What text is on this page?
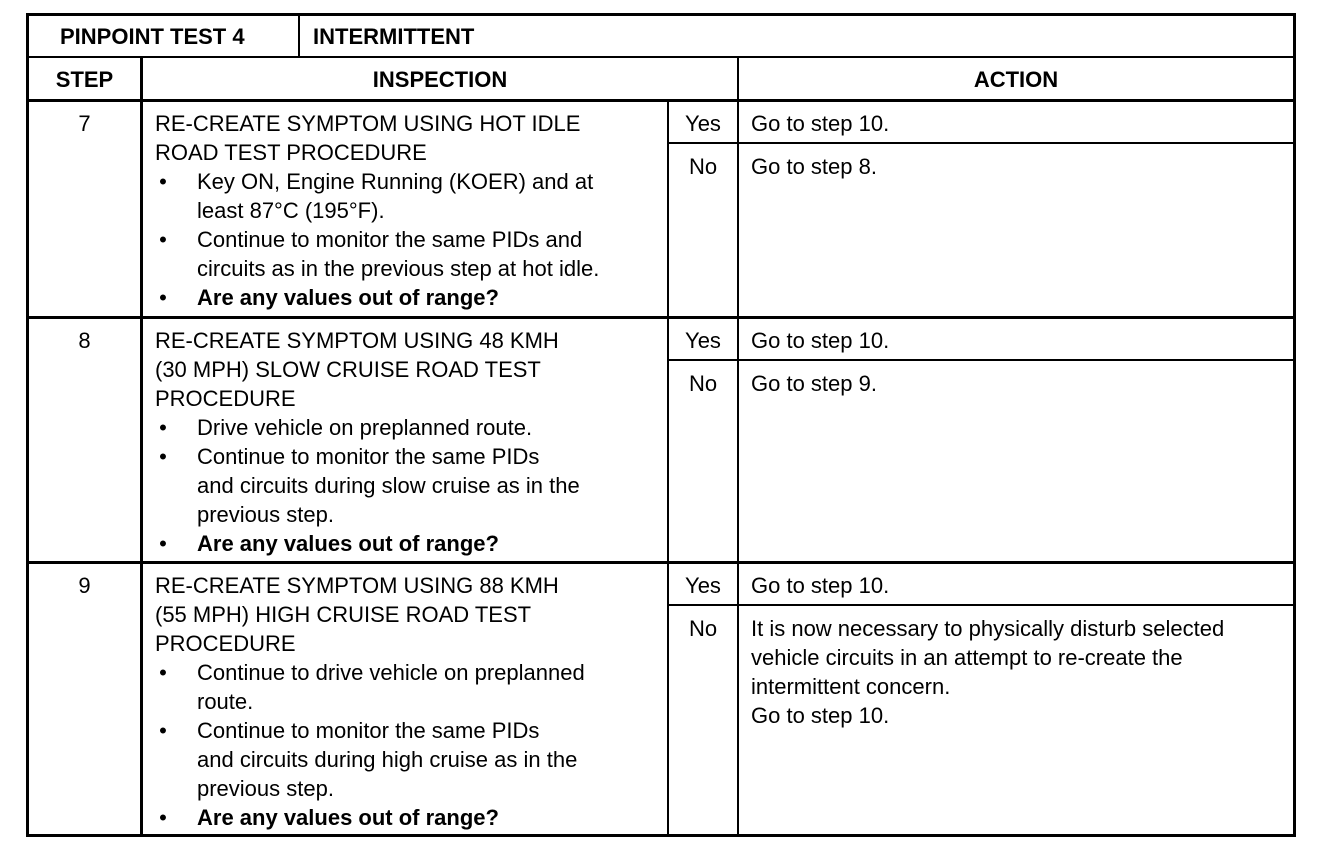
PINPOINT TEST 4	INTERMITTENT
STEP	INSPECTION	ACTION
7	RE-CREATE SYMPTOM USING HOT IDLE
ROAD TEST PROCEDURE
• Key ON, Engine Running (KOER) and at
least 87°C (195°F).
• Continue to monitor the same PIDs and
circuits as in the previous step at hot idle.
• Are any values out of range?
Yes	Go to step 10.
No	Go to step 8.
8	RE-CREATE SYMPTOM USING 48 KMH
(30 MPH) SLOW CRUISE ROAD TEST
PROCEDURE
• Drive vehicle on preplanned route.
• Continue to monitor the same PIDs
and circuits during slow cruise as in the
previous step.
• Are any values out of range?
Yes	Go to step 10.
No	Go to step 9.
9	RE-CREATE SYMPTOM USING 88 KMH
(55 MPH) HIGH CRUISE ROAD TEST
PROCEDURE
• Continue to drive vehicle on preplanned
route.
• Continue to monitor the same PIDs
and circuits during high cruise as in the
previous step.
• Are any values out of range?
Yes	Go to step 10.
No	It is now necessary to physically disturb selected
vehicle circuits in an attempt to re-create the
intermittent concern.
Go to step 10.
